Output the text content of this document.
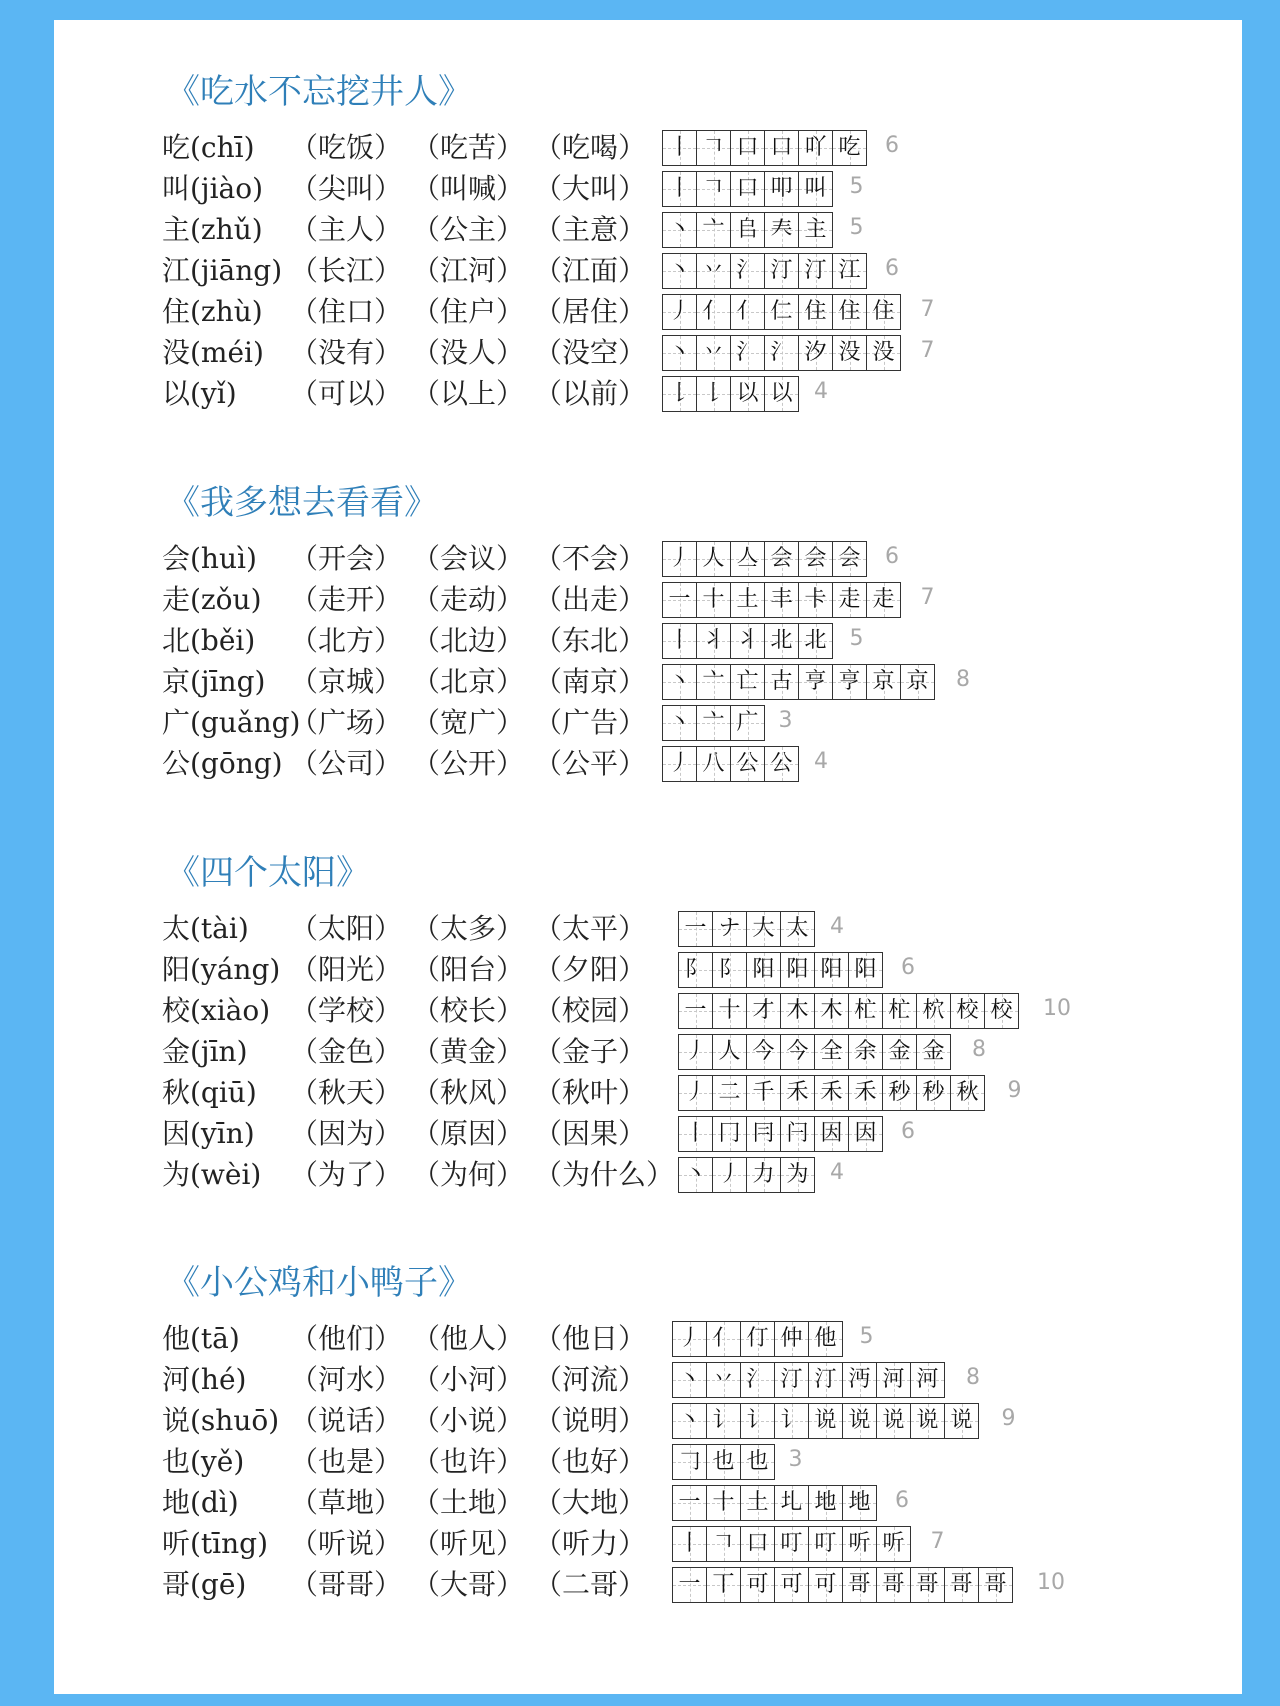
《吃水不忘挖井人》
吃(chī) （吃饭） （吃苦） （吃喝） 丨 𠃍 口 口 吖 吃 6
叫(jiào) （尖叫） （叫喊） （大叫） 丨 𠃍 口 叩 叫 5
主(zhǔ) （主人） （公主） （主意） 丶 亠 𠂤 𡗗 主 5
江(jiāng) （长江） （江河） （江面） 丶 丷 氵 汀 汀 江 6
住(zhù) （住口） （住户） （居住） 丿 亻 亻 仁 住 住 住 7
没(méi) （没有） （没人） （没空） 丶 丷 氵 氵 汐 没 没 7
以(yǐ) （可以） （以上） （以前） 𠄌 𠄌 以 以 4
《我多想去看看》
会(huì) （开会） （会议） （不会） 丿 人 亼 会 会 会 6
走(zǒu) （走开） （走动） （出走） 一 十 土 丰 卡 走 走 7
北(běi) （北方） （北边） （东北） 丨 丬 丬 北 北 5
京(jīng) （京城） （北京） （南京） 丶 亠 亡 古 亨 亨 京 京 8
广(guǎng)
（广场） （宽广） （广告） 丶 亠 广 3
公(gōng) （公司） （公开） （公平） 丿 八 公 公 4
《四个太阳》
太(tài) （太阳） （太多） （太平） 一 ナ 大 太 4
阳(yáng) （阳光） （阳台） （夕阳） 阝 阝 阳 阳 阳 阳 6
校(xiào) （学校） （校长） （校园） 一 十 才 木 木 杧 杧 柼 校 校 10
金(jīn) （金色） （黄金） （金子） 丿 人 今 今 全 余 金 金 8
秋(qiū) （秋天） （秋风） （秋叶） 丿 二 千 禾 禾 禾 秒 秒 秋 9
因(yīn) （因为） （原因） （因果） 丨 冂 冃 闩 因 因 6
为(wèi) （为了） （为何） （为什么） 丶 丿 力 为 4
《小公鸡和小鸭子》
他(tā) （他们） （他人） （他日） 丿 亻 仃 仲 他 5
河(hé) （河水） （小河） （河流） 丶 丷 氵 汀 汀 沔 河 河 8
说(shuō) （说话） （小说） （说明） 丶 讠 讠 讠 说 说 说 说 说 9
也(yě) （也是） （也许） （也好） 𠃌 也 也 3
地(dì) （草地） （土地） （大地） 一 十 土 圠 地 地 6
听(tīng) （听说） （听见） （听力） 丨 𠃍 口 叮 叮 听 听 7
哥(gē) （哥哥） （大哥） （二哥） 一 丅 可 可 可 哥 哥 哥 哥 哥 10
